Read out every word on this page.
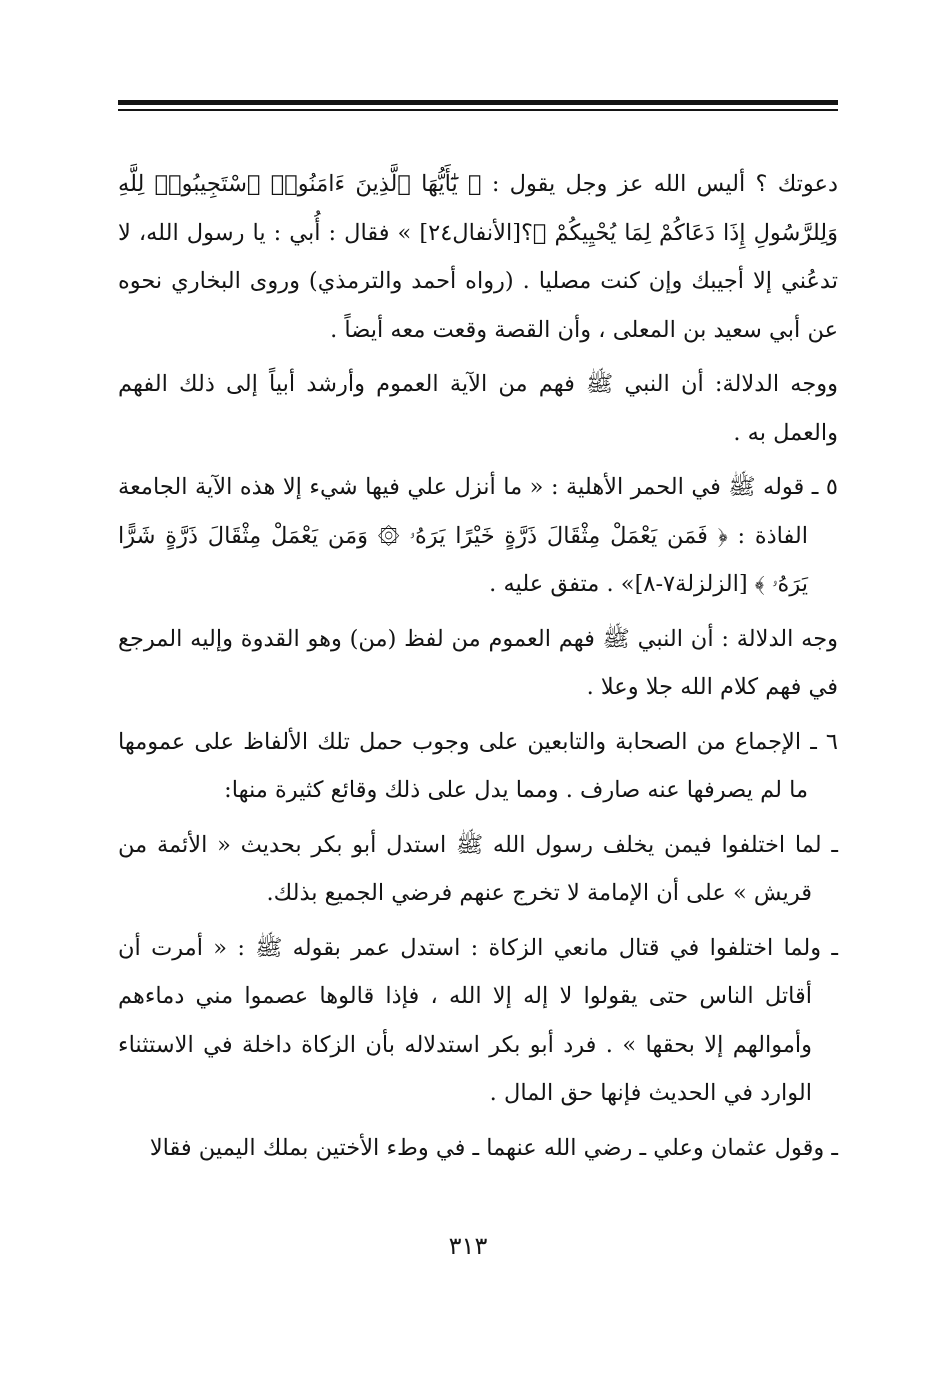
دعوتك ؟ أليس الله عز وجل يقول : ﴿ يَٰٓأَيُّهَا ٱلَّذِينَ ءَامَنُوا۟ ٱسْتَجِيبُوا۟ لِلَّهِ وَلِلرَّسُولِ إِذَا دَعَاكُمْ لِمَا يُحْيِيكُمْ ﴾؟[الأنفال٢٤] » فقال : أُبي : يا رسول الله، لا تدعُني إلا أجيبك وإن كنت مصليا . (رواه أحمد والترمذي) وروى البخاري نحوه عن أبي سعيد بن المعلى ، وأن القصة وقعت معه أيضاً .

ووجه الدلالة: أن النبي ﷺ فهم من الآية العموم وأرشد أبياً إلى ذلك الفهم والعمل به .

٥ ـ قوله ﷺ في الحمر الأهلية : « ما أنزل علي فيها شيء إلا هذه الآية الجامعة الفاذة : ﴿ فَمَن يَعْمَلْ مِثْقَالَ ذَرَّةٍ خَيْرًا يَرَهُۥ ۞ وَمَن يَعْمَلْ مِثْقَالَ ذَرَّةٍ شَرًّا يَرَهُۥ ﴾ [الزلزلة٧-٨]» . متفق عليه .

وجه الدلالة : أن النبي ﷺ فهم العموم من لفظ (من) وهو القدوة وإليه المرجع في فهم كلام الله جلا وعلا .

٦ ـ الإجماع من الصحابة والتابعين على وجوب حمل تلك الألفاظ على عمومها ما لم يصرفها عنه صارف . ومما يدل على ذلك وقائع كثيرة منها:

ـ لما اختلفوا فيمن يخلف رسول الله ﷺ استدل أبو بكر بحديث « الأئمة من قريش » على أن الإمامة لا تخرج عنهم فرضي الجميع بذلك.

ـ ولما اختلفوا في قتال مانعي الزكاة : استدل عمر بقوله ﷺ : « أمرت أن أقاتل الناس حتى يقولوا لا إله إلا الله ، فإذا قالوها عصموا مني دماءهم وأموالهم إلا بحقها » . فرد أبو بكر استدلاله بأن الزكاة داخلة في الاستثناء الوارد في الحديث فإنها حق المال .

ـ وقول عثمان وعلي ـ رضي الله عنهما ـ في وطء الأختين بملك اليمين فقالا

٣١٣
